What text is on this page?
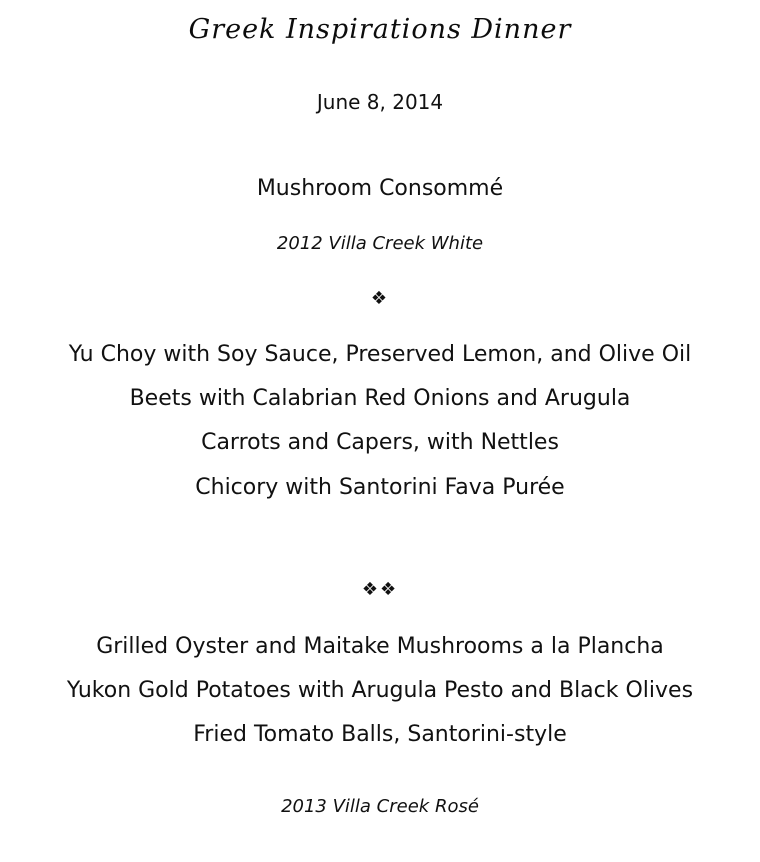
Greek Inspirations Dinner
June 8, 2014
Mushroom Consommé
2012 Villa Creek White
❖
Yu Choy with Soy Sauce, Preserved Lemon, and Olive Oil
Beets with Calabrian Red Onions and Arugula
Carrots and Capers, with Nettles
Chicory with Santorini Fava Purée
❖❖
Grilled Oyster and Maitake Mushrooms a la Plancha
Yukon Gold Potatoes with Arugula Pesto and Black Olives
Fried Tomato Balls, Santorini-style
2013 Villa Creek Rosé
